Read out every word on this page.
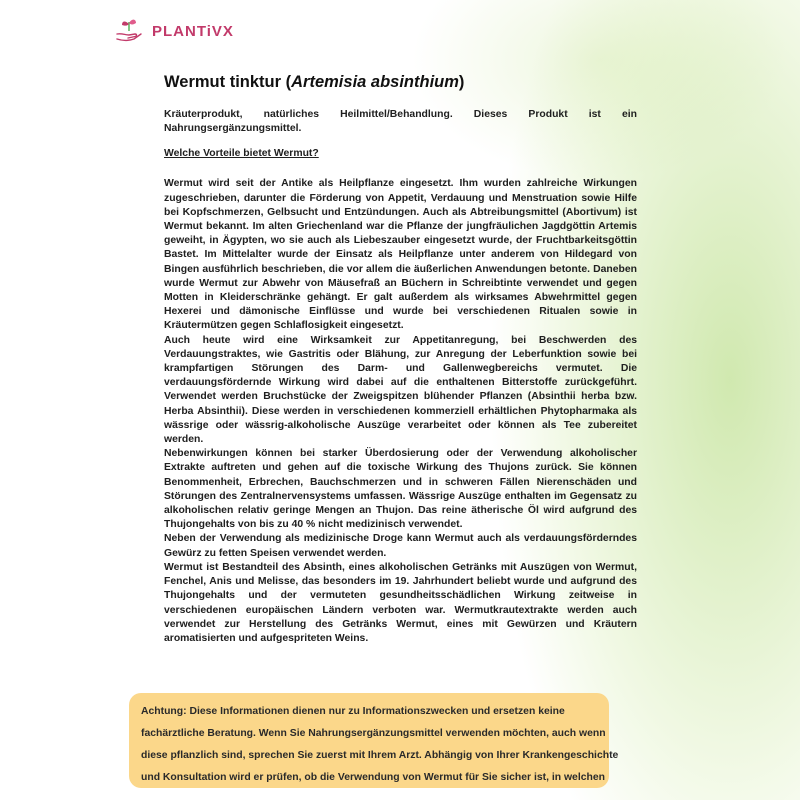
PLANTiVX
Wermut tinktur (Artemisia absinthium)

Kräuterprodukt, natürliches Heilmittel/Behandlung. Dieses Produkt ist ein Nahrungsergänzungsmittel.

Welche Vorteile bietet Wermut?

Wermut wird seit der Antike als Heilpflanze eingesetzt. Ihm wurden zahlreiche Wirkungen zugeschrieben, darunter die Förderung von Appetit, Verdauung und Menstruation sowie Hilfe bei Kopfschmerzen, Gelbsucht und Entzündungen. Auch als Abtreibungsmittel (Abortivum) ist Wermut bekannt. Im alten Griechenland war die Pflanze der jungfräulichen Jagdgöttin Artemis geweiht, in Ägypten, wo sie auch als Liebeszauber eingesetzt wurde, der Fruchtbarkeitsgöttin Bastet. Im Mittelalter wurde der Einsatz als Heilpflanze unter anderem von Hildegard von Bingen ausführlich beschrieben, die vor allem die äußerlichen Anwendungen betonte. Daneben wurde Wermut zur Abwehr von Mäusefraß an Büchern in Schreibtinte verwendet und gegen Motten in Kleiderschränke gehängt. Er galt außerdem als wirksames Abwehrmittel gegen Hexerei und dämonische Einflüsse und wurde bei verschiedenen Ritualen sowie in Kräutermützen gegen Schlaflosigkeit eingesetzt.

Auch heute wird eine Wirksamkeit zur Appetitanregung, bei Beschwerden des Verdauungstraktes, wie Gastritis oder Blähung, zur Anregung der Leberfunktion sowie bei krampfartigen Störungen des Darm- und Gallenwegbereichs vermutet. Die verdauungsfördernde Wirkung wird dabei auf die enthaltenen Bitterstoffe zurückgeführt. Verwendet werden Bruchstücke der Zweigspitzen blühender Pflanzen (Absinthii herba bzw. Herba Absinthii). Diese werden in verschiedenen kommerziell erhältlichen Phytopharmaka als wässrige oder wässrig-alkoholische Auszüge verarbeitet oder können als Tee zubereitet werden.

Nebenwirkungen können bei starker Überdosierung oder der Verwendung alkoholischer Extrakte auftreten und gehen auf die toxische Wirkung des Thujons zurück. Sie können Benommenheit, Erbrechen, Bauchschmerzen und in schweren Fällen Nierenschäden und Störungen des Zentralnervensystems umfassen. Wässrige Auszüge enthalten im Gegensatz zu alkoholischen relativ geringe Mengen an Thujon. Das reine ätherische Öl wird aufgrund des Thujongehalts von bis zu 40 % nicht medizinisch verwendet.

Neben der Verwendung als medizinische Droge kann Wermut auch als verdauungsförderndes Gewürz zu fetten Speisen verwendet werden.

Wermut ist Bestandteil des Absinth, eines alkoholischen Getränks mit Auszügen von Wermut, Fenchel, Anis und Melisse, das besonders im 19. Jahrhundert beliebt wurde und aufgrund des Thujongehalts und der vermuteten gesundheitsschädlichen Wirkung zeitweise in verschiedenen europäischen Ländern verboten war. Wermutkrautextrakte werden auch verwendet zur Herstellung des Getränks Wermut, eines mit Gewürzen und Kräutern aromatisierten und aufgespriteten Weins.

Achtung: Diese Informationen dienen nur zu Informationszwecken und ersetzen keine

fachärztliche Beratung. Wenn Sie Nahrungsergänzungsmittel verwenden möchten, auch wenn

diese pflanzlich sind, sprechen Sie zuerst mit Ihrem Arzt. Abhängig von Ihrer Krankengeschichte

und Konsultation wird er prüfen, ob die Verwendung von Wermut für Sie sicher ist, in welchen
